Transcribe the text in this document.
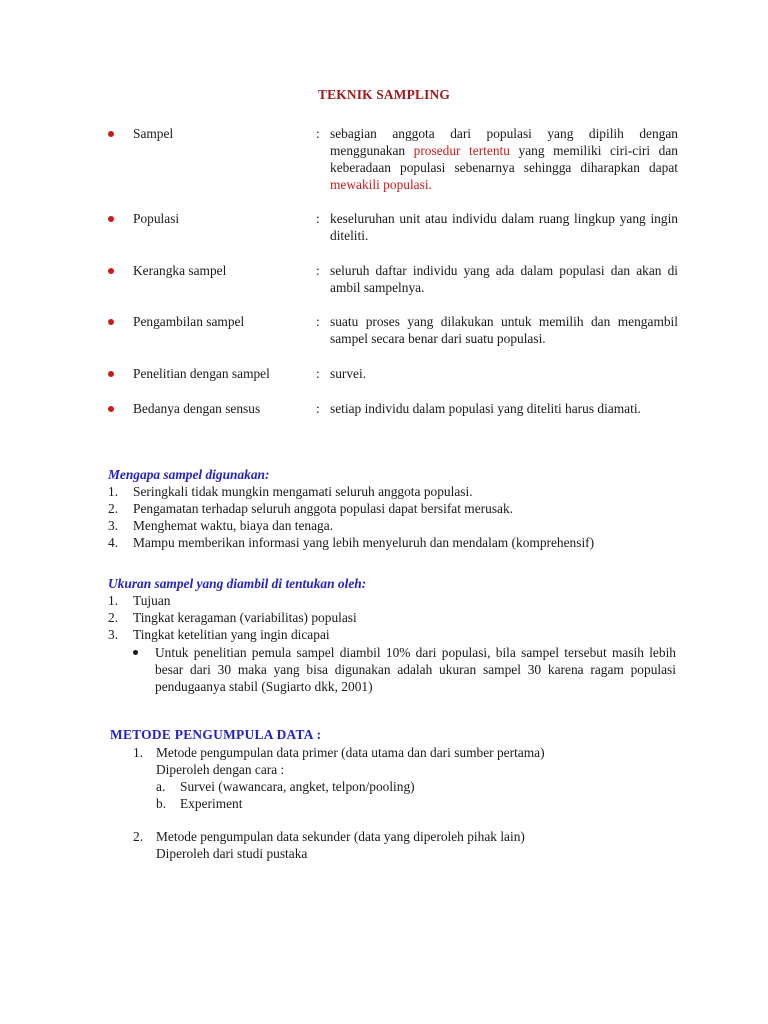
TEKNIK SAMPLING
Sampel	: sebagian anggota dari populasi yang dipilih dengan menggunakan prosedur tertentu yang memiliki ciri-ciri dan keberadaan populasi sebenarnya sehingga diharapkan dapat mewakili populasi.
Populasi	: keseluruhan unit atau individu dalam ruang lingkup yang ingin diteliti.
Kerangka sampel	: seluruh daftar individu yang ada dalam populasi dan akan di ambil sampelnya.
Pengambilan sampel	: suatu proses yang dilakukan untuk memilih dan mengambil sampel secara benar dari suatu populasi.
Penelitian dengan sampel	: survei.
Bedanya dengan sensus	: setiap individu dalam populasi yang diteliti harus diamati.
Mengapa sampel digunakan:
1. Seringkali tidak mungkin mengamati seluruh anggota populasi.
2. Pengamatan terhadap seluruh anggota populasi dapat bersifat merusak.
3. Menghemat waktu, biaya dan tenaga.
4. Mampu memberikan informasi yang lebih menyeluruh dan mendalam (komprehensif)
Ukuran sampel yang diambil di tentukan oleh:
1. Tujuan
2. Tingkat keragaman (variabilitas) populasi
3. Tingkat ketelitian yang ingin dicapai
Untuk penelitian pemula sampel diambil 10% dari populasi, bila sampel tersebut masih lebih besar dari 30 maka yang bisa digunakan adalah ukuran sampel 30 karena ragam populasi pendugaanya stabil (Sugiarto dkk, 2001)
METODE PENGUMPULA DATA :
1. Metode pengumpulan data primer (data utama dan dari sumber pertama)
Diperoleh dengan cara :
a. Survei (wawancara, angket, telpon/pooling)
b. Experiment
2. Metode pengumpulan data sekunder (data yang diperoleh pihak lain)
Diperoleh dari studi pustaka
